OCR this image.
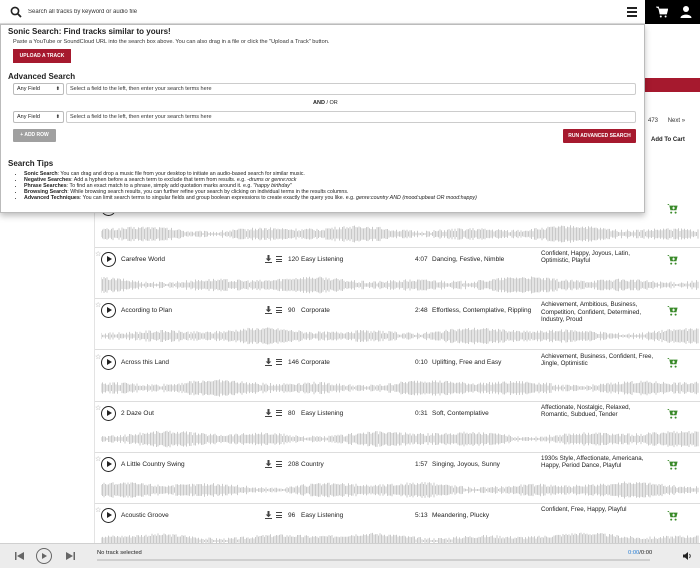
Search all tracks by keyword or audio file
473 Next »
Add To Cart
Sonic Search: Find tracks similar to yours!
Paste a YouTube or SoundCloud URL into the search box above. You can also drag in a file or click the "Upload a Track" button.
UPLOAD A TRACK
Advanced Search
Any Field	⬍	Select a field to the left, then enter your search terms here
AND / OR
Any Field	⬍	Select a field to the left, then enter your search terms here
+ ADD ROW	RUN ADVANCED SEARCH
Search Tips
• Sonic Search: You can drag and drop a music file from your desktop to initiate an audio-based search for similar music.
• Negative Searches: Add a hyphen before a search term to exclude that term from results. e.g. -drums or genre:rock
• Phrase Searches: To find an exact match to a phrase, simply add quotation marks around it. e.g. "happy birthday"
• Browsing Search: While browsing search results, you can further refine your search by clicking on individual terms in the results columns.
• Advanced Techniques: You can limit search terms to singular fields and group boolean expressions to create exactly the query you like. e.g. genre:country AND (mood:upbeat OR mood:happy)
☆
Carefree World	120 Easy Listening	4:07 Dancing, Festive, Nimble
Confident, Happy, Joyous, Latin, Optimistic, Playful
☆
According to Plan	90 Corporate	2:48 Effortless, Contemplative, Rippling
Achievement, Ambitious, Business, Competition, Confident, Determined, Industry, Proud
☆
Across this Land	146 Corporate	0:10 Uplifting, Free and Easy
Achievement, Business, Confident, Free, Jingle, Optimistic
☆
2 Daze Out	80 Easy Listening	0:31 Soft, Contemplative
Affectionate, Nostalgic, Relaxed, Romantic, Subdued, Tender
☆
A Little Country Swing	208 Country	1:57 Singing, Joyous, Sunny
1930s Style, Affectionate, Americana, Happy, Period Dance, Playful
☆
Acoustic Groove	96 Easy Listening	5:13 Meandering, Plucky
Confident, Free, Happy, Playful
No track selected	0:00/0:00
